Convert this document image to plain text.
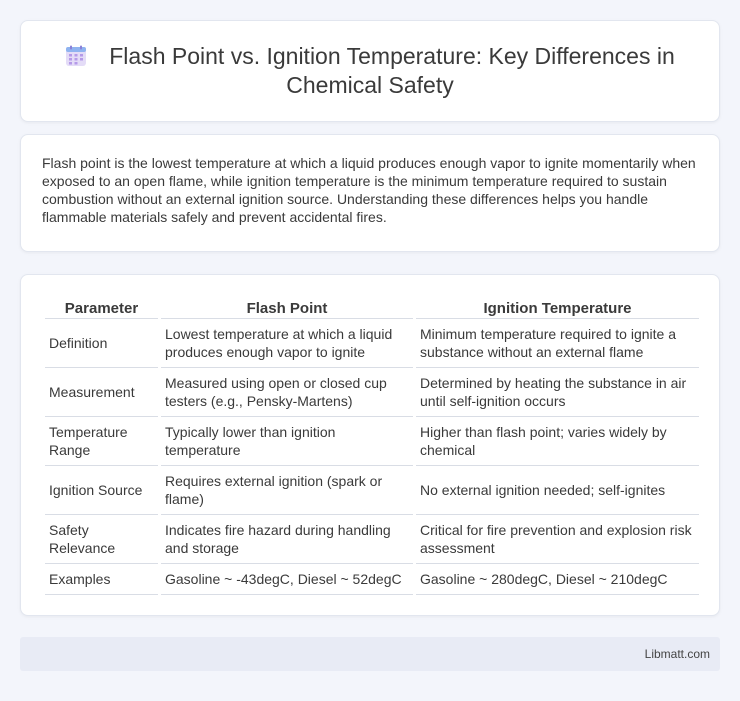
Flash Point vs. Ignition Temperature: Key Differences in Chemical Safety

Flash point is the lowest temperature at which a liquid produces enough vapor to ignite momentarily when exposed to an open flame, while ignition temperature is the minimum temperature required to sustain combustion without an external ignition source. Understanding these differences helps you handle flammable materials safely and prevent accidental fires.

Parameter	Flash Point	Ignition Temperature
Definition	Lowest temperature at which a liquid produces enough vapor to ignite	Minimum temperature required to ignite a substance without an external flame
Measurement	Measured using open or closed cup testers (e.g., Pensky-Martens)	Determined by heating the substance in air until self-ignition occurs
Temperature Range	Typically lower than ignition temperature	Higher than flash point; varies widely by chemical
Ignition Source	Requires external ignition (spark or flame)	No external ignition needed; self-ignites
Safety Relevance	Indicates fire hazard during handling and storage	Critical for fire prevention and explosion risk assessment
Examples	Gasoline ~ -43degC, Diesel ~ 52degC	Gasoline ~ 280degC, Diesel ~ 210degC
Libmatt.com
